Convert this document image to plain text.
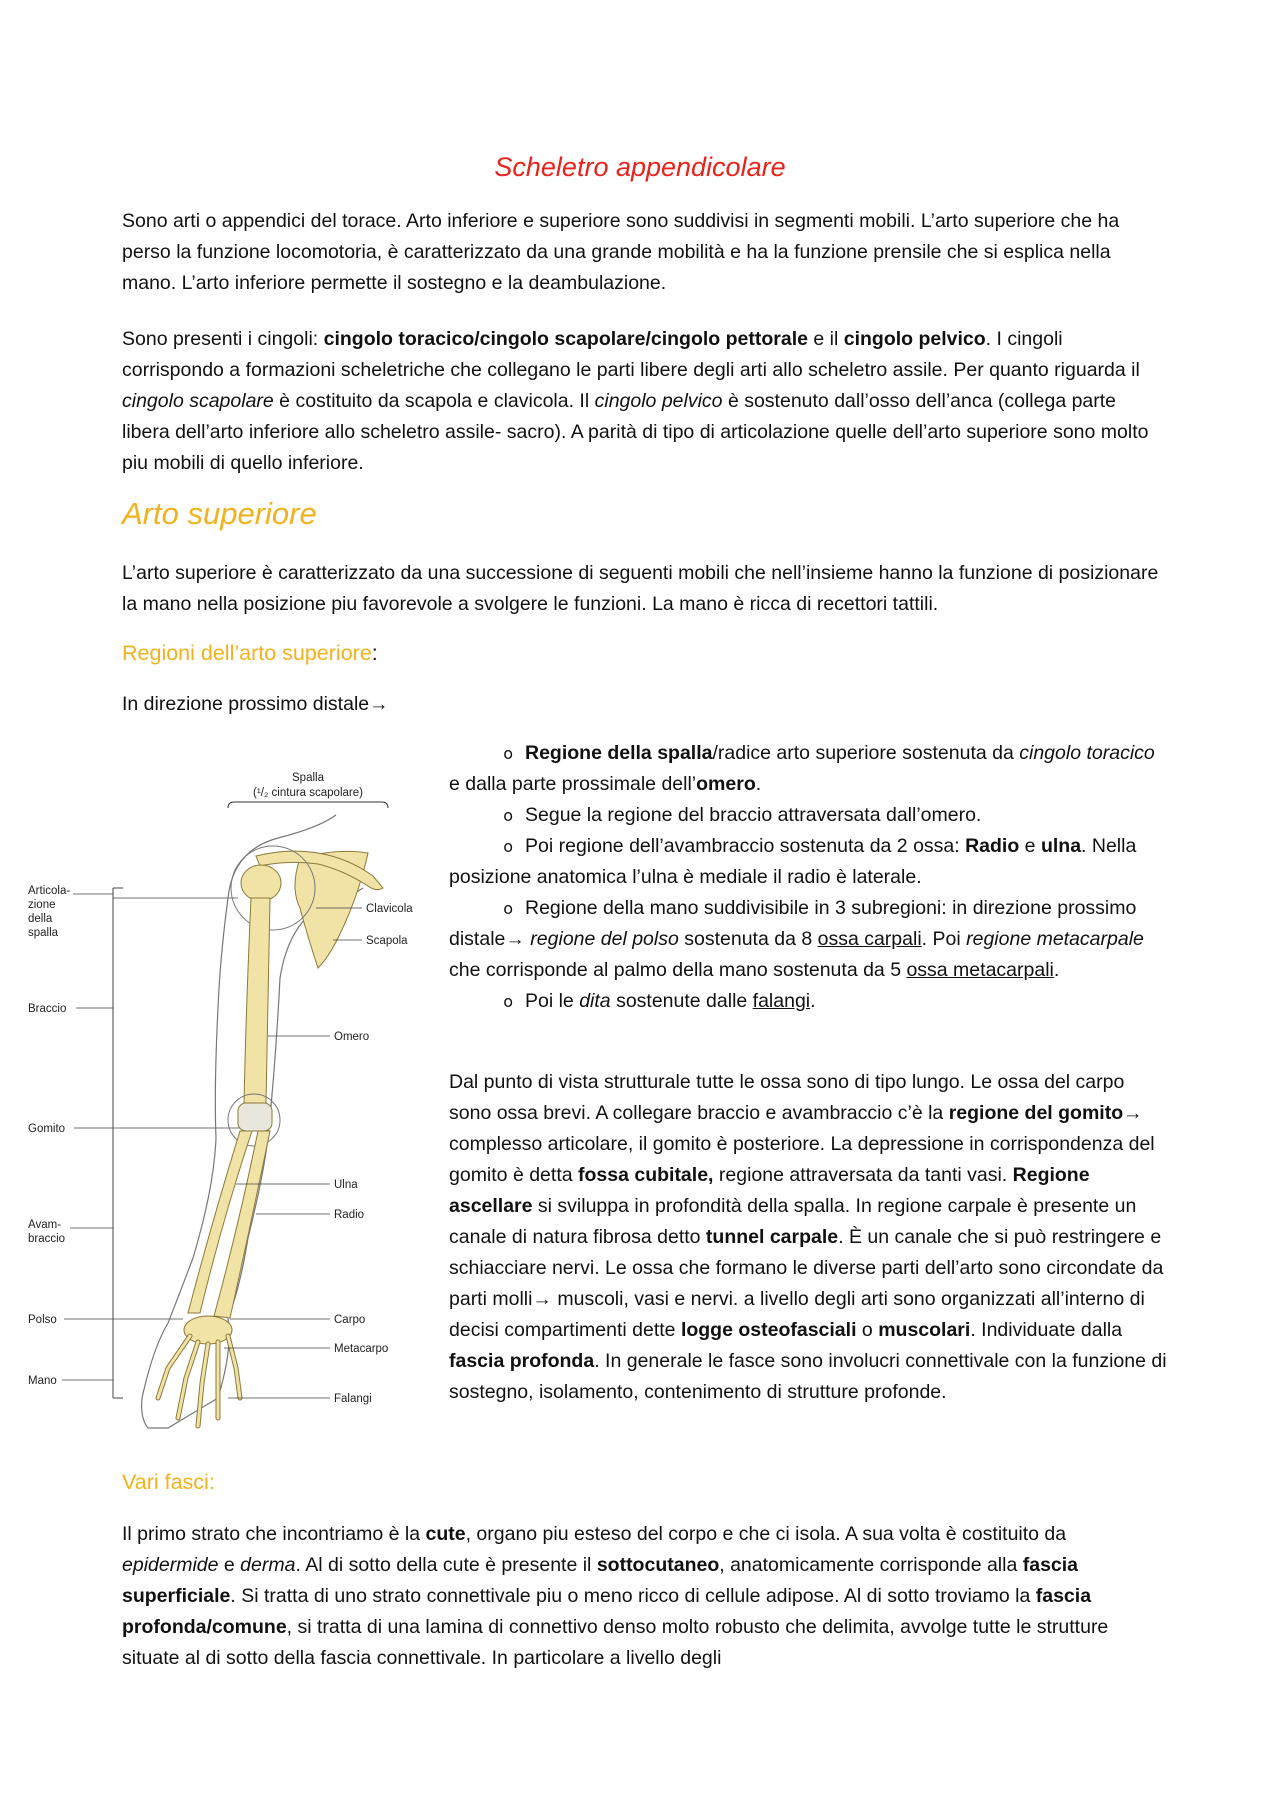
Scheletro appendicolare

Sono arti o appendici del torace. Arto inferiore e superiore sono suddivisi in segmenti mobili. L’arto superiore che ha perso la funzione locomotoria, è caratterizzato da una grande mobilità e ha la funzione prensile che si esplica nella mano. L’arto inferiore permette il sostegno e la deambulazione.

Sono presenti i cingoli: cingolo toracico/cingolo scapolare/cingolo pettorale e il cingolo pelvico. I cingoli corrispondo a formazioni scheletriche che collegano le parti libere degli arti allo scheletro assile. Per quanto riguarda il cingolo scapolare è costituito da scapola e clavicola. Il cingolo pelvico è sostenuto dall’osso dell’anca (collega parte libera dell’arto inferiore allo scheletro assile- sacro). A parità di tipo di articolazione quelle dell’arto superiore sono molto piu mobili di quello inferiore.

Arto superiore

L’arto superiore è caratterizzato da una successione di seguenti mobili che nell’insieme hanno la funzione di posizionare la mano nella posizione piu favorevole a svolgere le funzioni. La mano è ricca di recettori tattili.

Regioni dell’arto superiore:

In direzione prossimo distale→

Spalla
(¹/₂ cintura scapolare)
Articola-
zione
della
spalla
Braccio
Gomito
Avam-
braccio
Polso
Mano
Clavicola
Scapola
Omero
Ulna
Radio
Carpo
Metacarpo
Falangi
o Regione della spalla/radice arto superiore sostenuta da cingolo toracico e dalla parte prossimale dell’omero.
o Segue la regione del braccio attraversata dall’omero.
o Poi regione dell’avambraccio sostenuta da 2 ossa: Radio e ulna. Nella posizione anatomica l’ulna è mediale il radio è laterale.
o Regione della mano suddivisibile in 3 subregioni: in direzione prossimo distale→ regione del polso sostenuta da 8 ossa carpali. Poi regione metacarpale che corrisponde al palmo della mano sostenuta da 5 ossa metacarpali.
o Poi le dita sostenute dalle falangi.

Dal punto di vista strutturale tutte le ossa sono di tipo lungo. Le ossa del carpo sono ossa brevi. A collegare braccio e avambraccio c’è la regione del gomito→ complesso articolare, il gomito è posteriore. La depressione in corrispondenza del gomito è detta fossa cubitale, regione attraversata da tanti vasi. Regione ascellare si sviluppa in profondità della spalla. In regione carpale è presente un canale di natura fibrosa detto tunnel carpale. È un canale che si può restringere e schiacciare nervi. Le ossa che formano le diverse parti dell’arto sono circondate da parti molli→ muscoli, vasi e nervi. a livello degli arti sono organizzati all’interno di decisi compartimenti dette logge osteofasciali o muscolari. Individuate dalla fascia profonda. In generale le fasce sono involucri connettivale con la funzione di sostegno, isolamento, contenimento di strutture profonde.

Vari fasci:

Il primo strato che incontriamo è la cute, organo piu esteso del corpo e che ci isola. A sua volta è costituito da epidermide e derma. Al di sotto della cute è presente il sottocutaneo, anatomicamente corrisponde alla fascia superficiale. Si tratta di uno strato connettivale piu o meno ricco di cellule adipose. Al di sotto troviamo la fascia profonda/comune, si tratta di una lamina di connettivo denso molto robusto che delimita, avvolge tutte le strutture situate al di sotto della fascia connettivale. In particolare a livello degli
